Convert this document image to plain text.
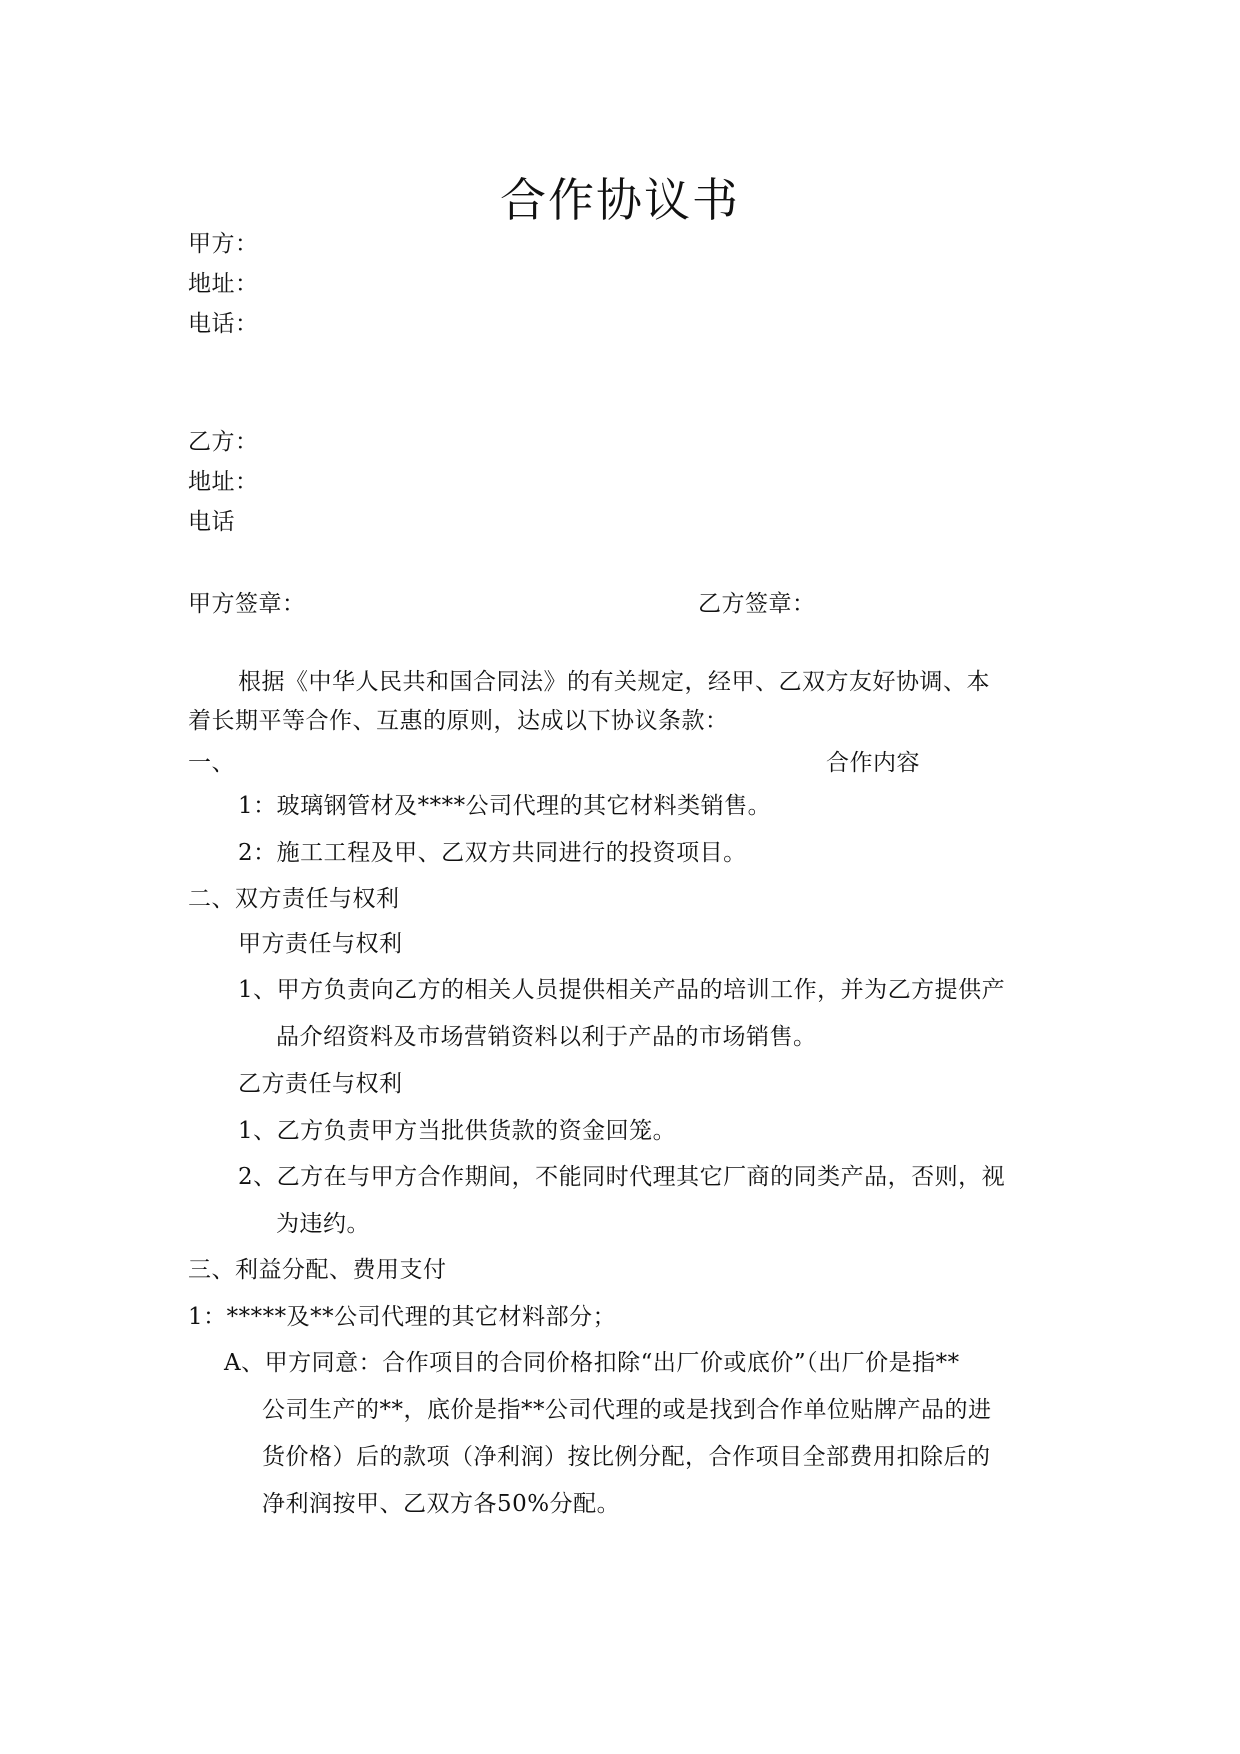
合作协议书
甲方：
地址：
电话：
乙方：
地址：
电话
甲方签章：	乙方签章：
根据《中华人民共和国合同法》的有关规定，经甲、乙双方友好协调、本
着长期平等合作、互惠的原则，达成以下协议条款：
一、	合作内容
1：玻璃钢管材及****公司代理的其它材料类销售。
2：施工工程及甲、乙双方共同进行的投资项目。
二、双方责任与权利
甲方责任与权利
1、甲方负责向乙方的相关人员提供相关产品的培训工作，并为乙方提供产
品介绍资料及市场营销资料以利于产品的市场销售。
乙方责任与权利
1、乙方负责甲方当批供货款的资金回笼。
2、乙方在与甲方合作期间，不能同时代理其它厂商的同类产品，否则，视
为违约。
三、利益分配、费用支付
1：*****及**公司代理的其它材料部分；
A、甲方同意：合作项目的合同价格扣除“出厂价或底价”（出厂价是指**
公司生产的**，底价是指**公司代理的或是找到合作单位贴牌产品的进
货价格）后的款项（净利润）按比例分配，合作项目全部费用扣除后的
净利润按甲、乙双方各50%分配。
